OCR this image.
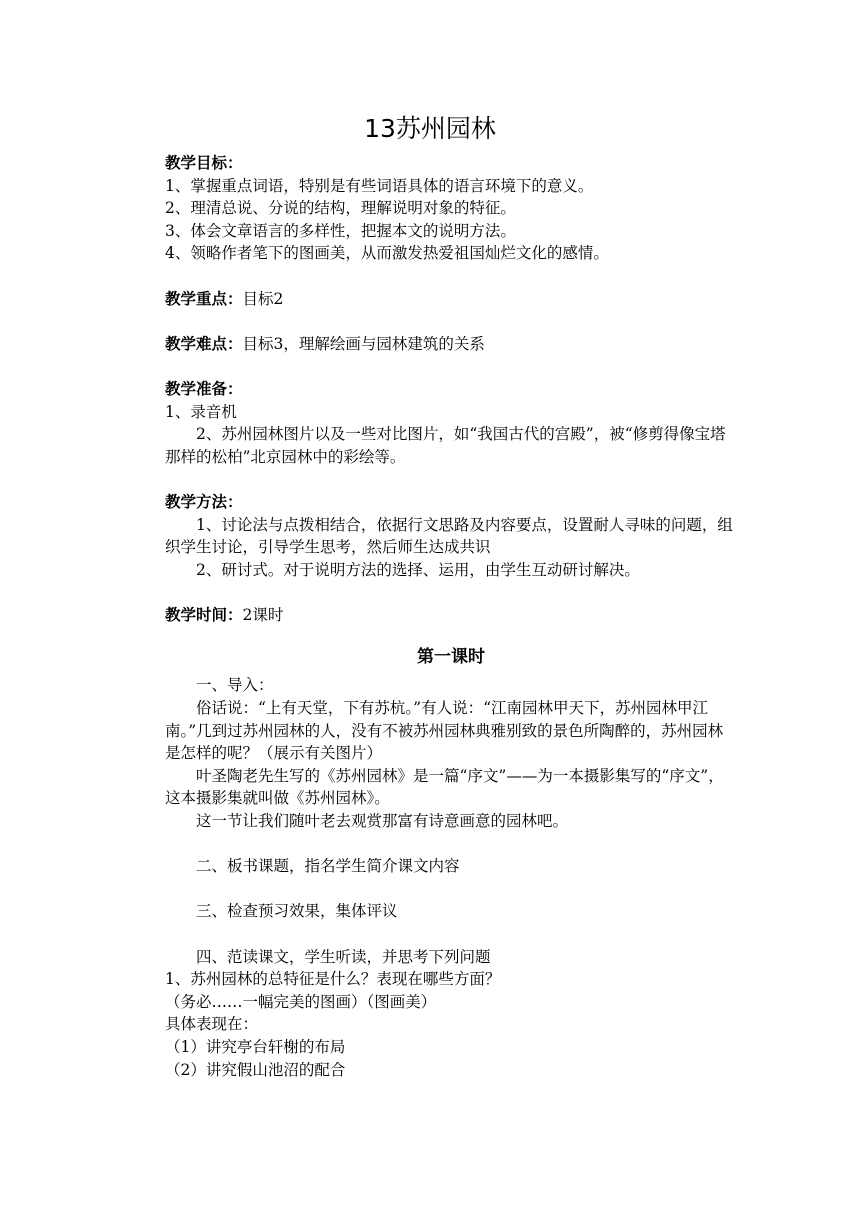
13苏州园林

教学目标：

1、掌握重点词语，特别是有些词语具体的语言环境下的意义。

2、理清总说、分说的结构，理解说明对象的特征。

3、体会文章语言的多样性，把握本文的说明方法。

4、领略作者笔下的图画美，从而激发热爱祖国灿烂文化的感情。

教学重点：目标2

教学难点：目标3，理解绘画与园林建筑的关系

教学准备：

1、录音机

2、苏州园林图片以及一些对比图片，如“我国古代的宫殿”，被“修剪得像宝塔那样的松柏”北京园林中的彩绘等。

教学方法：

1、讨论法与点拨相结合，依据行文思路及内容要点，设置耐人寻味的问题，组织学生讨论，引导学生思考，然后师生达成共识

2、研讨式。对于说明方法的选择、运用，由学生互动研讨解决。

教学时间：2课时

第一课时

一、导入：

俗话说：“上有天堂，下有苏杭。”有人说：“江南园林甲天下，苏州园林甲江南。”几到过苏州园林的人，没有不被苏州园林典雅别致的景色所陶醉的，苏州园林是怎样的呢？（展示有关图片）

叶圣陶老先生写的《苏州园林》是一篇“序文”——为一本摄影集写的“序文”，这本摄影集就叫做《苏州园林》。

这一节让我们随叶老去观赏那富有诗意画意的园林吧。

二、板书课题，指名学生简介课文内容

三、检查预习效果，集体评议

四、范读课文，学生听读，并思考下列问题

1、苏州园林的总特征是什么？表现在哪些方面？

（务必……一幅完美的图画）（图画美）

具体表现在：

（1）讲究亭台轩榭的布局

（2）讲究假山池沼的配合
